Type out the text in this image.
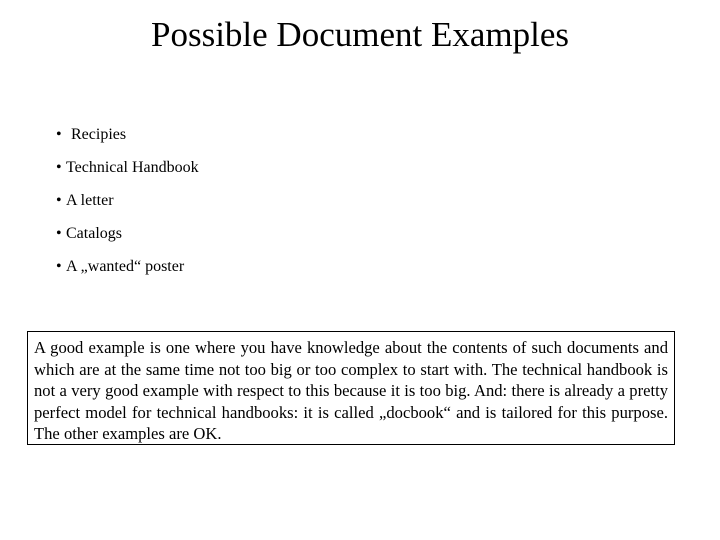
Possible Document Examples
• Recipies
• Technical Handbook
• A letter
• Catalogs
• A „wanted“ poster

A good example is one where you have knowledge about the contents of such documents and which are at the same time not too big or too complex to start with. The technical handbook is not a very good example with respect to this because it is too big. And: there is already a pretty perfect model for technical handbooks: it is called „docbook“ and is tailored for this purpose. The other examples are OK.
